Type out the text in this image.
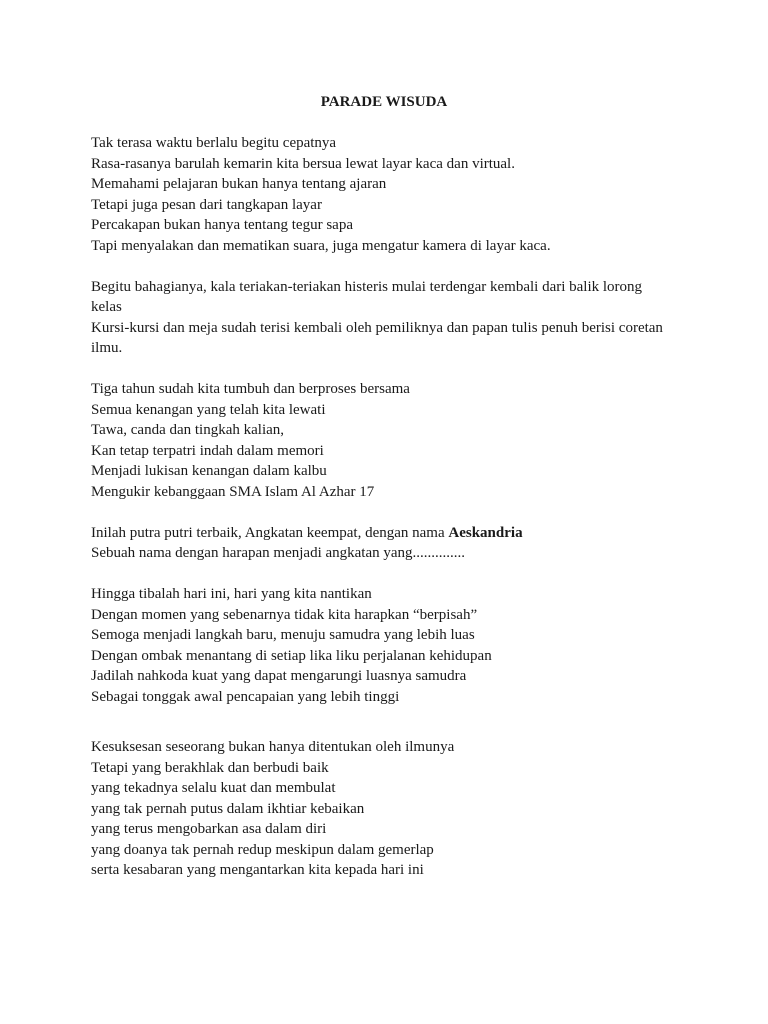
PARADE WISUDA
Tak terasa waktu berlalu begitu cepatnya
Rasa-rasanya barulah kemarin kita bersua lewat layar kaca dan virtual.
Memahami pelajaran bukan hanya tentang ajaran
Tetapi juga pesan dari tangkapan layar
Percakapan bukan hanya tentang tegur sapa
Tapi menyalakan dan mematikan suara, juga mengatur kamera di layar kaca.
Begitu bahagianya, kala teriakan-teriakan histeris mulai terdengar kembali dari balik lorong
kelas
Kursi-kursi dan meja sudah terisi kembali oleh pemiliknya dan papan tulis penuh berisi coretan
ilmu.
Tiga tahun sudah kita tumbuh dan berproses bersama
Semua kenangan yang telah kita lewati
Tawa, canda dan tingkah kalian,
Kan tetap terpatri indah dalam memori
Menjadi lukisan kenangan dalam kalbu
Mengukir kebanggaan SMA Islam Al Azhar 17
Inilah putra putri terbaik, Angkatan keempat, dengan nama Aeskandria
Sebuah nama dengan harapan menjadi angkatan yang..............
Hingga tibalah hari ini, hari yang kita nantikan
Dengan momen yang sebenarnya tidak kita harapkan “berpisah”
Semoga menjadi langkah baru, menuju samudra yang lebih luas
Dengan ombak menantang di setiap lika liku perjalanan kehidupan
Jadilah nahkoda kuat yang dapat mengarungi luasnya samudra
Sebagai tonggak awal pencapaian yang lebih tinggi
Kesuksesan seseorang bukan hanya ditentukan oleh ilmunya
Tetapi yang berakhlak dan berbudi baik
yang tekadnya selalu kuat dan membulat
yang tak pernah putus dalam ikhtiar kebaikan
yang terus mengobarkan asa dalam diri
yang doanya tak pernah redup meskipun dalam gemerlap
serta kesabaran yang mengantarkan kita kepada hari ini
